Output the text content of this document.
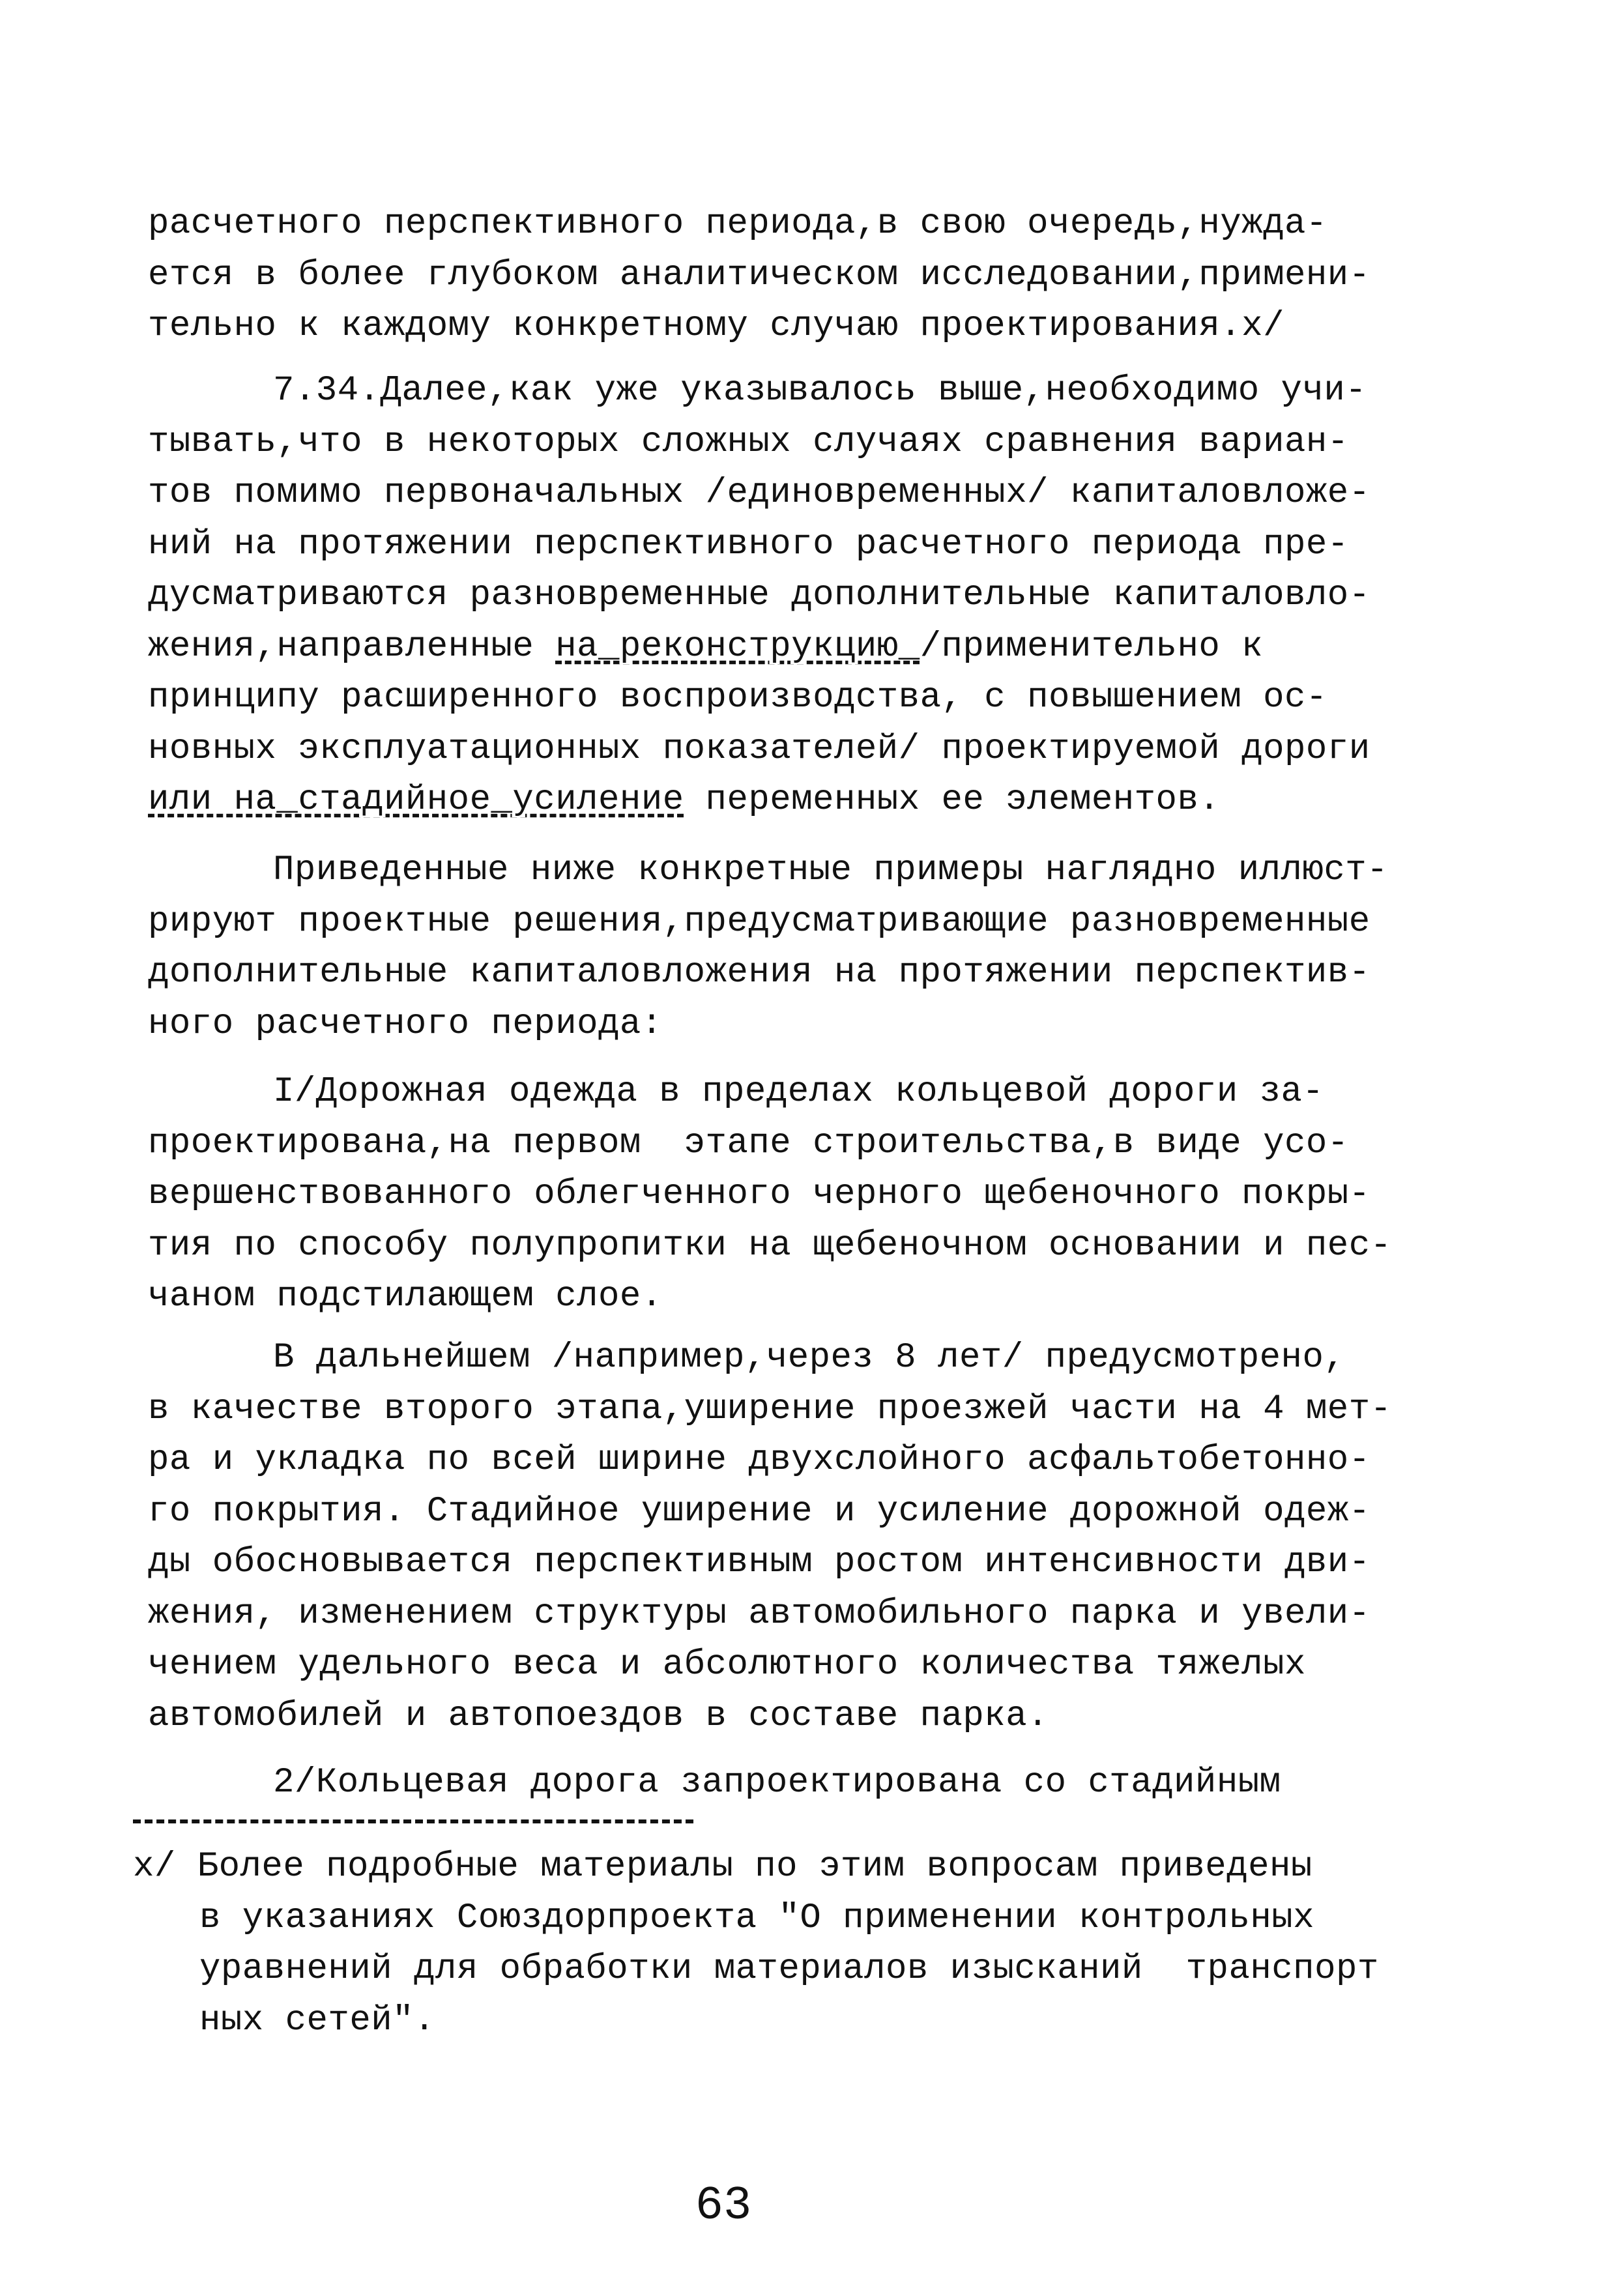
расчетного перспективного периода,в свою очередь,нужда-
ется в более глубоком аналитическом исследовании,примени-
тельно к каждому конкретному случаю проектирования.х/
7.34.Далее,как уже указывалось выше,необходимо учи-
тывать,что в некоторых сложных случаях сравнения вариан-
тов помимо первоначальных /единовременных/ капиталовложе-
ний на протяжении перспективного расчетного периода пре-
дусматриваются разновременные дополнительные капиталовло-
жения,направленные на_реконструкцию_/применительно к
принципу расширенного воспроизводства, с повышением ос-
новных эксплуатационных показателей/ проектируемой дороги
или на_стадийное_усиление переменных ее элементов.
Приведенные ниже конкретные примеры наглядно иллюст-
рируют проектные решения,предусматривающие разновременные
дополнительные капиталовложения на протяжении перспектив-
ного расчетного периода:
I/Дорожная одежда в пределах кольцевой дороги за-
проектирована,на первом  этапе строительства,в виде усо-
вершенствованного облегченного черного щебеночного покры-
тия по способу полупропитки на щебеночном основании и пес-
чаном подстилающем слое.
В дальнейшем /например,через 8 лет/ предусмотрено,
в качестве второго этапа,уширение проезжей части на 4 мет-
ра и укладка по всей ширине двухслойного асфальтобетонно-
го покрытия. Стадийное уширение и усиление дорожной одеж-
ды обосновывается перспективным ростом интенсивности дви-
жения, изменением структуры автомобильного парка и увели-
чением удельного веса и абсолютного количества тяжелых
автомобилей и автопоездов в составе парка.
2/Кольцевая дорога запроектирована со стадийным
х/ Более подробные материалы по этим вопросам приведены
в указаниях Союздорпроекта "О применении контрольных
уравнений для обработки материалов изысканий  транспорт
ных сетей".
63
